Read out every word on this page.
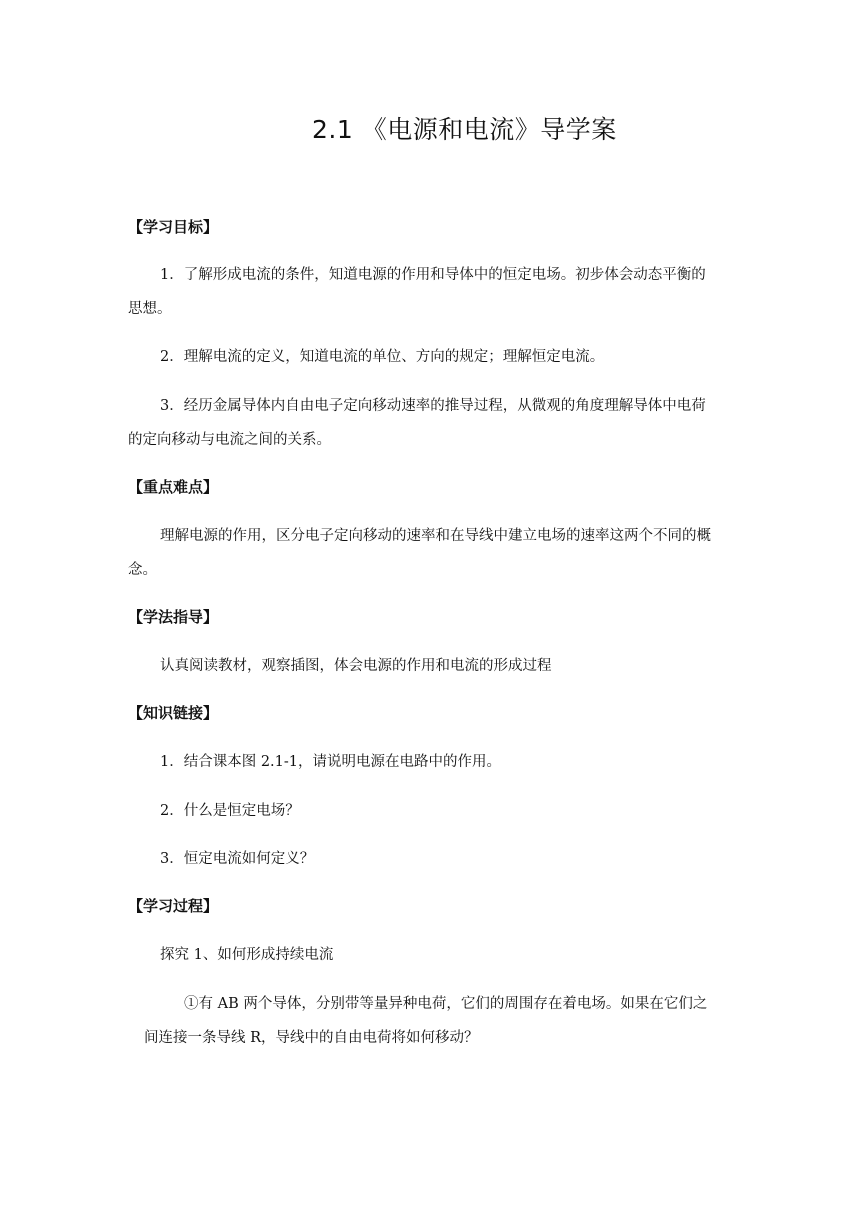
2.1 《电源和电流》导学案
【学习目标】
1．了解形成电流的条件，知道电源的作用和导体中的恒定电场。初步体会动态平衡的
思想。
2．理解电流的定义，知道电流的单位、方向的规定；理解恒定电流。
3．经历金属导体内自由电子定向移动速率的推导过程，从微观的角度理解导体中电荷
的定向移动与电流之间的关系。
【重点难点】
理解电源的作用，区分电子定向移动的速率和在导线中建立电场的速率这两个不同的概
念。
【学法指导】
认真阅读教材，观察插图，体会电源的作用和电流的形成过程
【知识链接】
1．结合课本图 2.1-1，请说明电源在电路中的作用。
2．什么是恒定电场？
3．恒定电流如何定义？
【学习过程】
探究 1、如何形成持续电流
①有 AB 两个导体，分别带等量异种电荷，它们的周围存在着电场。如果在它们之
间连接一条导线 R，导线中的自由电荷将如何移动？
